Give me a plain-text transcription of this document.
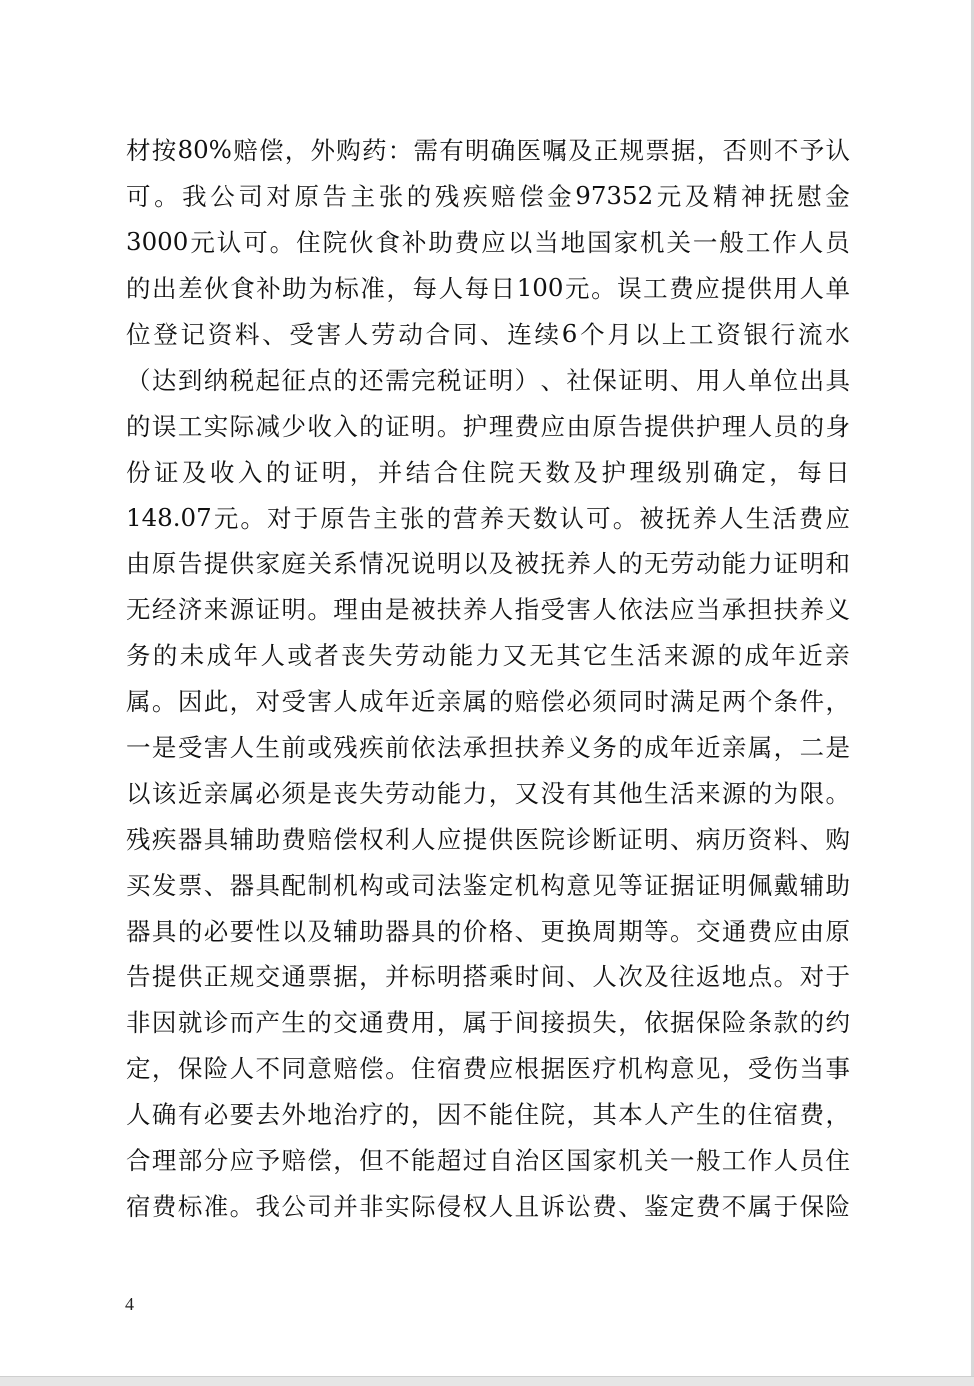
材 按 80% 赔 偿 ， 外 购 药 ： 需 有 明 确 医 嘱 及 正 规 票 据 ， 否 则 不 予 认
可 。 我 公 司 对 原 告 主 张 的 残 疾 赔 偿 金 97352 元 及 精 神 抚 慰 金
3000 元 认 可 。 住 院 伙 食 补 助 费 应 以 当 地 国 家 机 关 一 般 工 作 人 员
的 出 差 伙 食 补 助 为 标 准 ， 每 人 每 日 100 元 。 误 工 费 应 提 供 用 人 单
位 登 记 资 料 、 受 害 人 劳 动 合 同 、 连 续 6 个 月 以 上 工 资 银 行 流 水
（ 达 到 纳 税 起 征 点 的 还 需 完 税 证 明 ） 、 社 保 证 明 、 用 人 单 位 出 具
的 误 工 实 际 减 少 收 入 的 证 明 。 护 理 费 应 由 原 告 提 供 护 理 人 员 的 身
份 证 及 收 入 的 证 明 ， 并 结 合 住 院 天 数 及 护 理 级 别 确 定 ， 每 日
148.07 元 。 对 于 原 告 主 张 的 营 养 天 数 认 可 。 被 抚 养 人 生 活 费 应
由 原 告 提 供 家 庭 关 系 情 况 说 明 以 及 被 抚 养 人 的 无 劳 动 能 力 证 明 和
无 经 济 来 源 证 明 。 理 由 是 被 扶 养 人 指 受 害 人 依 法 应 当 承 担 扶 养 义
务 的 未 成 年 人 或 者 丧 失 劳 动 能 力 又 无 其 它 生 活 来 源 的 成 年 近 亲
属 。 因 此 ， 对 受 害 人 成 年 近 亲 属 的 赔 偿 必 须 同 时 满 足 两 个 条 件 ，
一 是 受 害 人 生 前 或 残 疾 前 依 法 承 担 扶 养 义 务 的 成 年 近 亲 属 ， 二 是
以 该 近 亲 属 必 须 是 丧 失 劳 动 能 力 ， 又 没 有 其 他 生 活 来 源 的 为 限 。
残 疾 器 具 辅 助 费 赔 偿 权 利 人 应 提 供 医 院 诊 断 证 明 、 病 历 资 料 、 购
买 发 票 、 器 具 配 制 机 构 或 司 法 鉴 定 机 构 意 见 等 证 据 证 明 佩 戴 辅 助
器 具 的 必 要 性 以 及 辅 助 器 具 的 价 格 、 更 换 周 期 等 。 交 通 费 应 由 原
告 提 供 正 规 交 通 票 据 ， 并 标 明 搭 乘 时 间 、 人 次 及 往 返 地 点 。 对 于
非 因 就 诊 而 产 生 的 交 通 费 用 ， 属 于 间 接 损 失 ， 依 据 保 险 条 款 的 约
定 ， 保 险 人 不 同 意 赔 偿 。 住 宿 费 应 根 据 医 疗 机 构 意 见 ， 受 伤 当 事
人 确 有 必 要 去 外 地 治 疗 的 ， 因 不 能 住 院 ， 其 本 人 产 生 的 住 宿 费 ，
合 理 部 分 应 予 赔 偿 ， 但 不 能 超 过 自 治 区 国 家 机 关 一 般 工 作 人 员 住
宿 费 标 准 。 我 公 司 并 非 实 际 侵 权 人 且 诉 讼 费 、 鉴 定 费 不 属 于 保 险
4
